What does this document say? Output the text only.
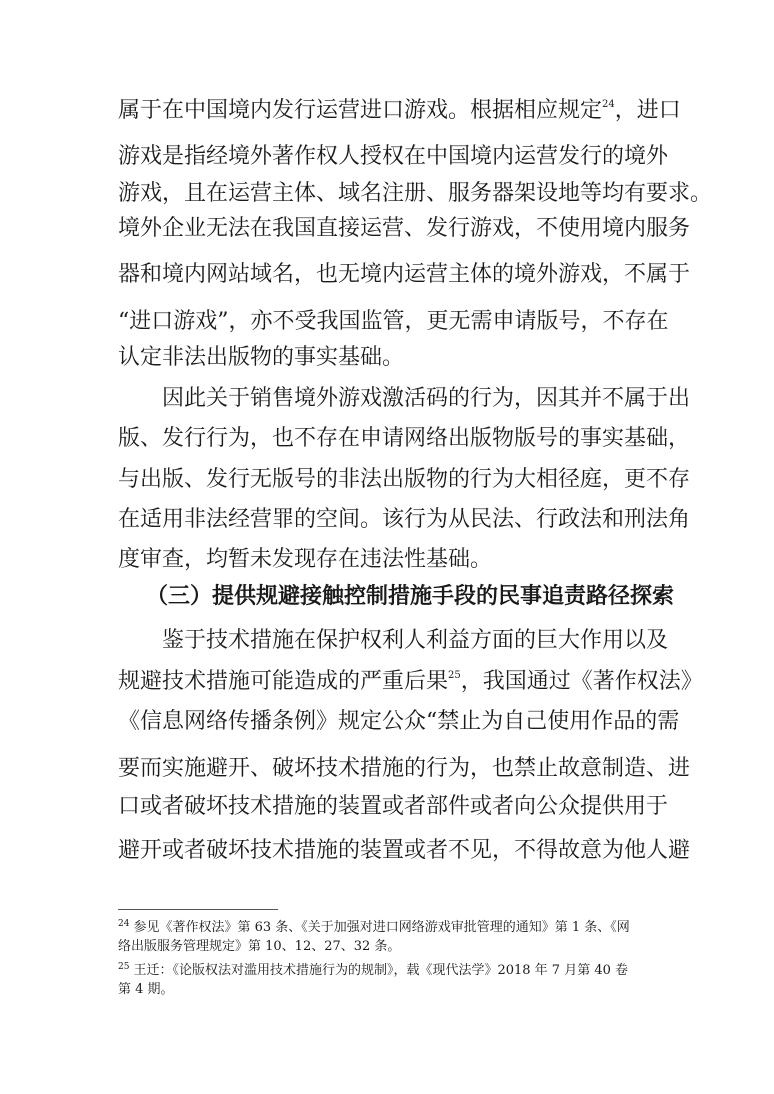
属于在中国境内发行运营进口游戏。根据相应规定$^{24}$，进口

游戏是指经境外著作权人授权在中国境内运营发行的境外

游戏，且在运营主体、域名注册、服务器架设地等均有要求。

境外企业无法在我国直接运营、发行游戏，不使用境内服务

器和境内网站域名，也无境内运营主体的境外游戏，不属于

“进口游戏”，亦不受我国监管，更无需申请版号，不存在

认定非法出版物的事实基础。

因此关于销售境外游戏激活码的行为，因其并不属于出

版、发行行为，也不存在申请网络出版物版号的事实基础，

与出版、发行无版号的非法出版物的行为大相径庭，更不存

在适用非法经营罪的空间。该行为从民法、行政法和刑法角

度审查，均暂未发现存在违法性基础。

（三）提供规避接触控制措施手段的民事追责路径探索

鉴于技术措施在保护权利人利益方面的巨大作用以及

规避技术措施可能造成的严重后果$^{25}$，我国通过《著作权法》

《信息网络传播条例》规定公众“禁止为自己使用作品的需

要而实施避开、破坏技术措施的行为，也禁止故意制造、进

口或者破坏技术措施的装置或者部件或者向公众提供用于

避开或者破坏技术措施的装置或者不见，不得故意为他人避

$^{24}$ 参见《著作权法》第 63 条、《关于加强对进口网络游戏审批管理的通知》第 1 条、《网

络出版服务管理规定》第 10、12、27、32 条。

$^{25}$ 王迁：《论版权法对滥用技术措施行为的规制》，载《现代法学》2018 年 7 月第 40 卷

第 4 期。
